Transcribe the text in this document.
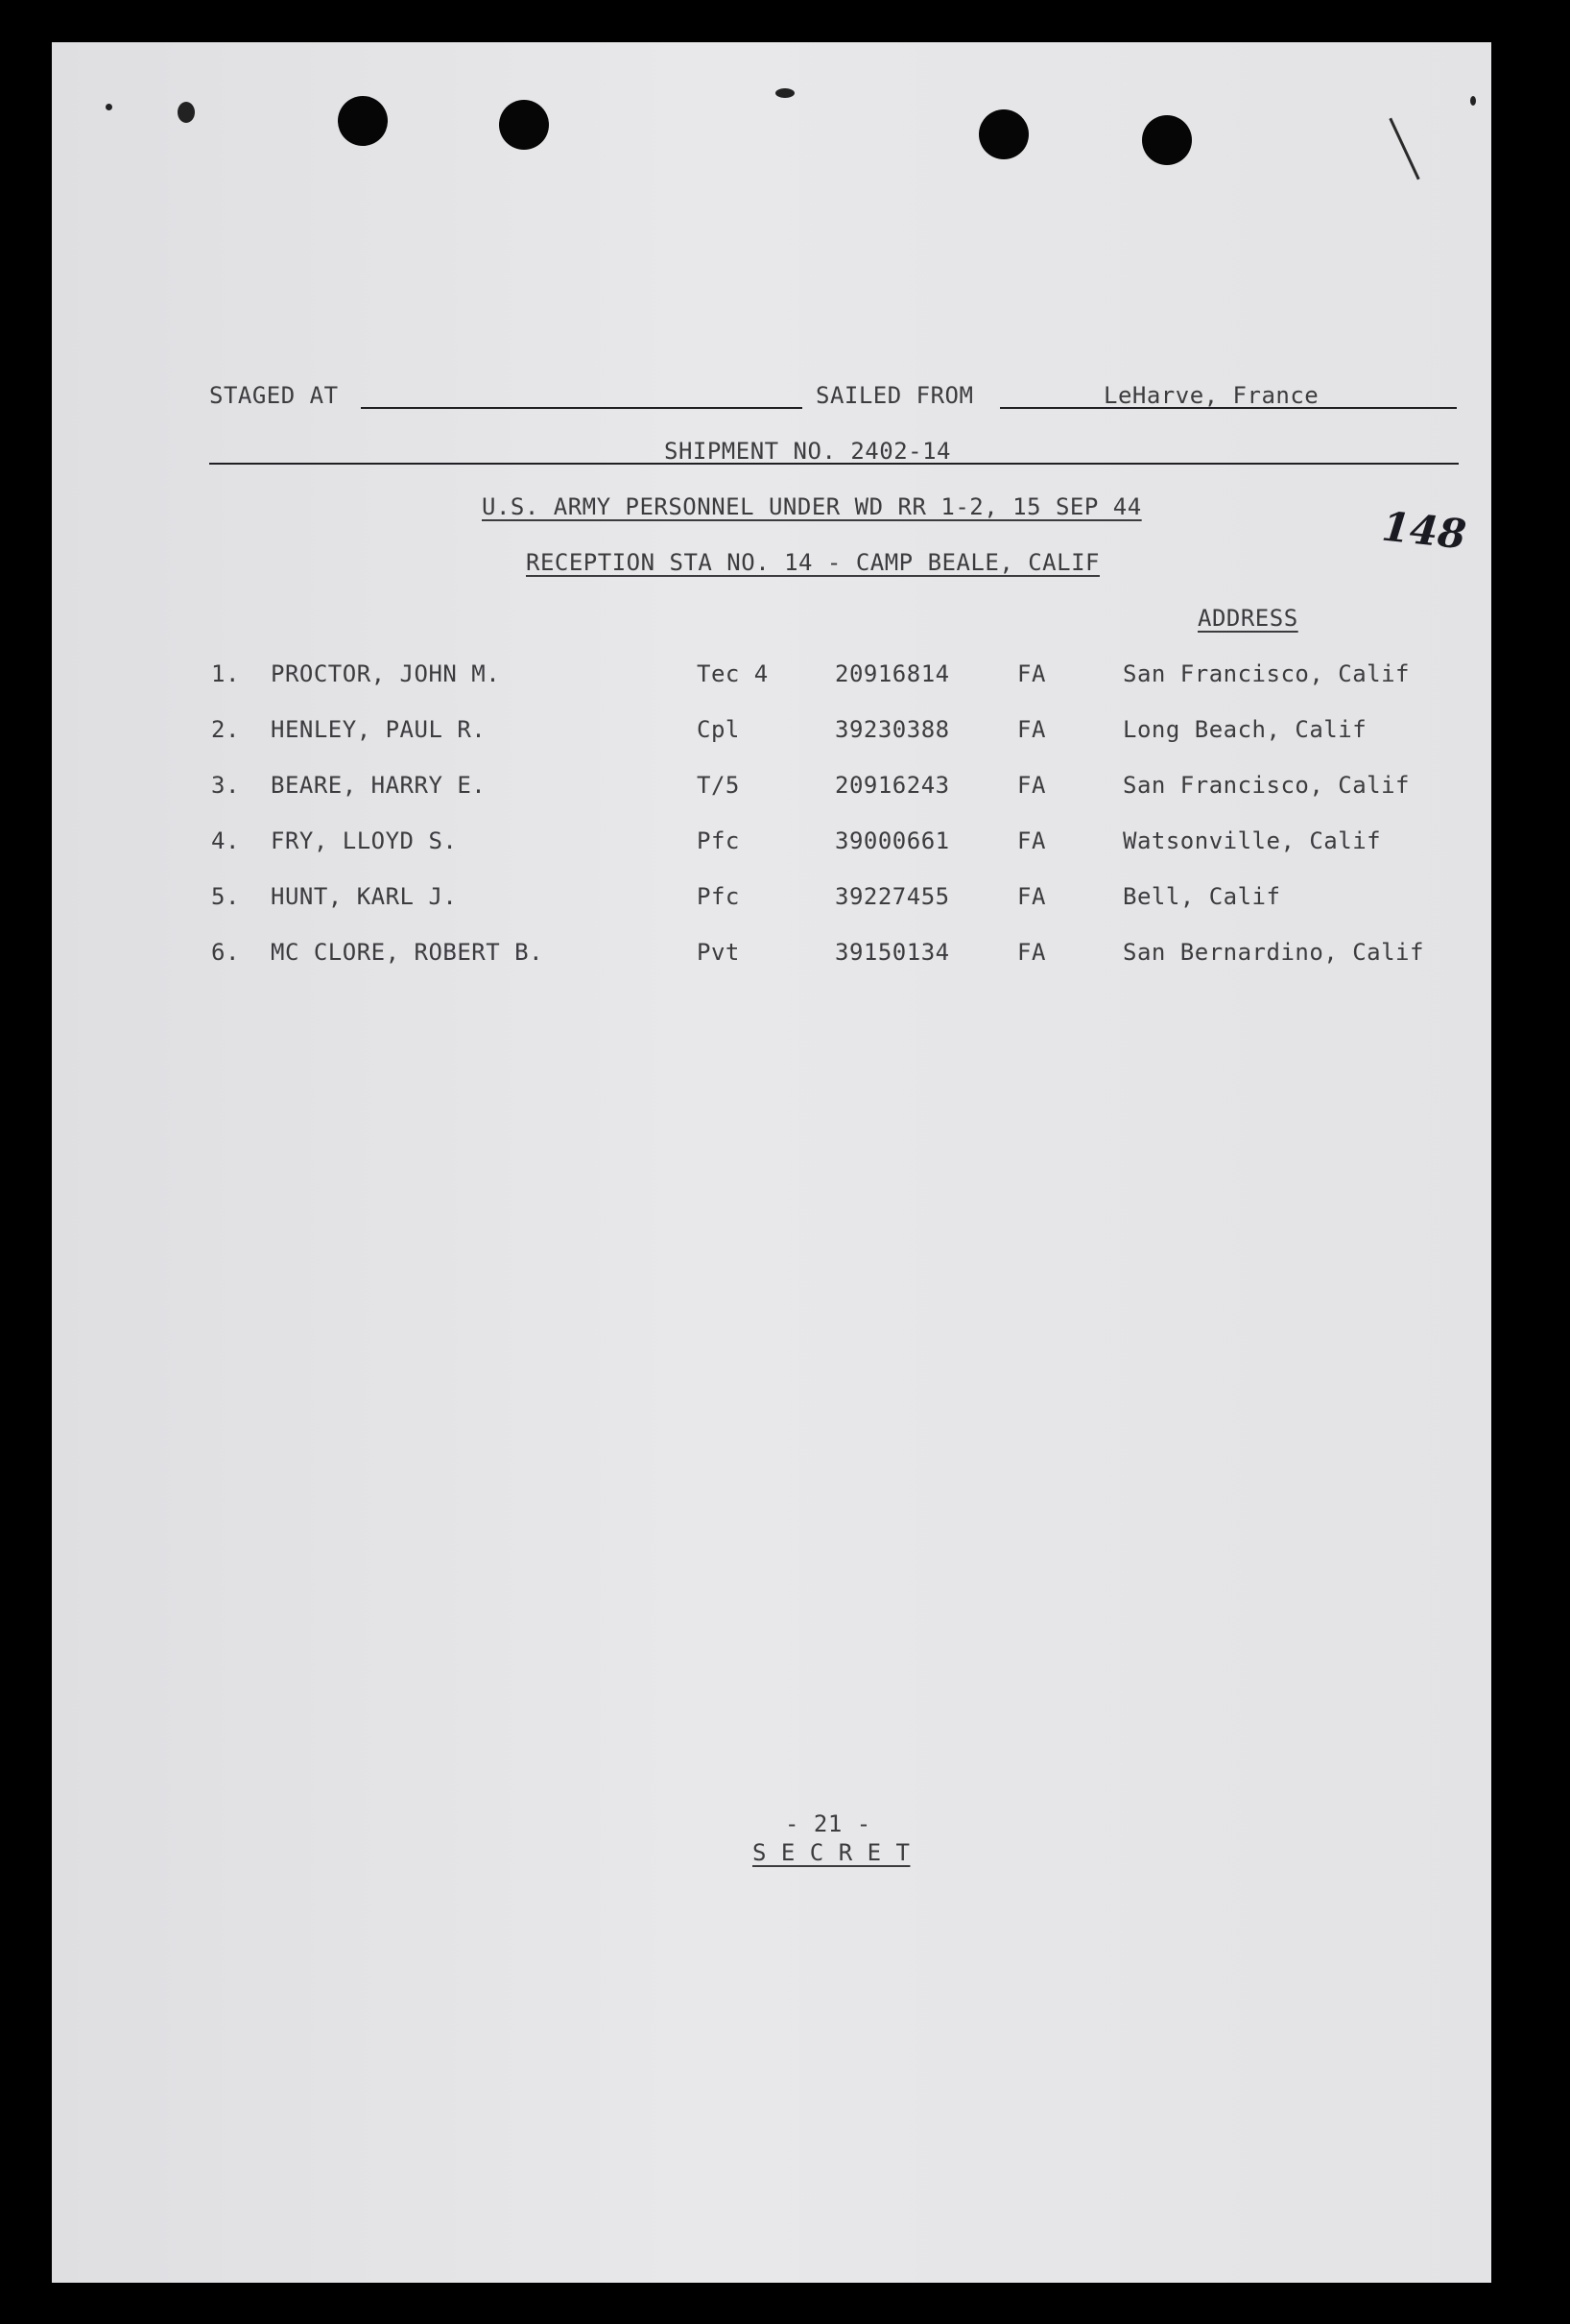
STAGED AT	SAILED FROM	LeHarve, France
SHIPMENT NO. 2402-14
U.S. ARMY PERSONNEL UNDER WD RR 1-2, 15 SEP 44
RECEPTION STA NO. 14 - CAMP BEALE, CALIF
148
ADDRESS
1. PROCTOR, JOHN M.	Tec 4	20916814	FA	San Francisco, Calif
2. HENLEY, PAUL R.	Cpl	39230388	FA	Long Beach, Calif
3. BEARE, HARRY E.	T/5	20916243	FA	San Francisco, Calif
4. FRY, LLOYD S.	Pfc	39000661	FA	Watsonville, Calif
5. HUNT, KARL J.	Pfc	39227455	FA	Bell, Calif
6. MC CLORE, ROBERT B.	Pvt	39150134	FA	San Bernardino, Calif
- 21 -
S E C R E T
